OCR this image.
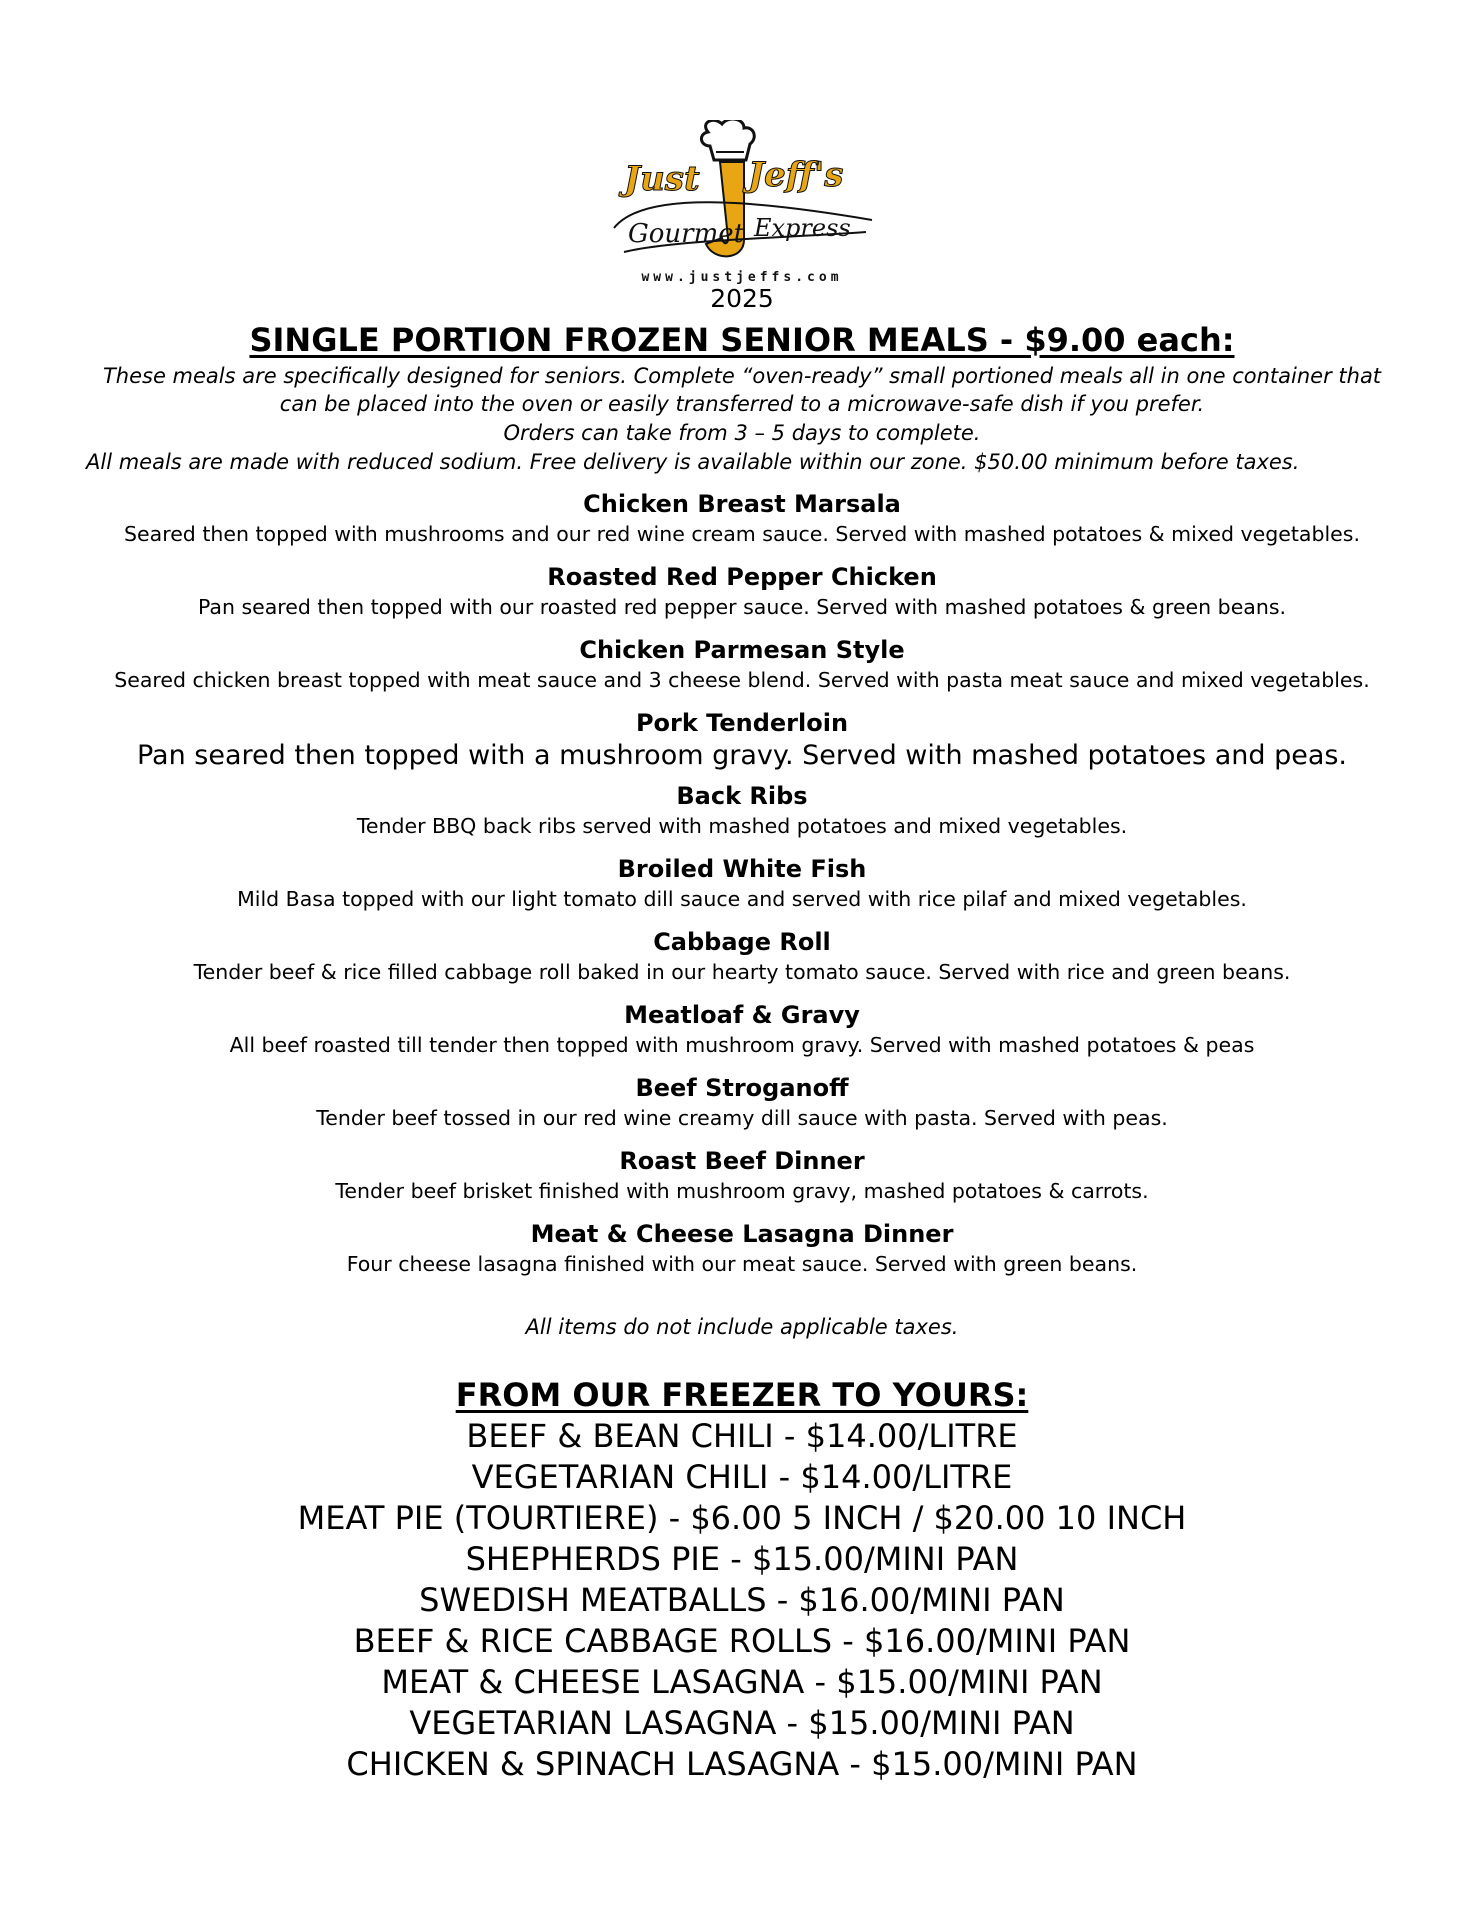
Just Jeff's
Gourmet Express
www.justjeffs.com
2025
SINGLE PORTION FROZEN SENIOR MEALS - $9.00 each:
These meals are specifically designed for seniors. Complete “oven-ready” small portioned meals all in one container that
can be placed into the oven or easily transferred to a microwave-safe dish if you prefer.
Orders can take from 3 – 5 days to complete.
All meals are made with reduced sodium. Free delivery is available within our zone. $50.00 minimum before taxes.
Chicken Breast Marsala
Seared then topped with mushrooms and our red wine cream sauce. Served with mashed potatoes & mixed vegetables.
Roasted Red Pepper Chicken
Pan seared then topped with our roasted red pepper sauce. Served with mashed potatoes & green beans.
Chicken Parmesan Style
Seared chicken breast topped with meat sauce and 3 cheese blend. Served with pasta meat sauce and mixed vegetables.
Pork Tenderloin
Pan seared then topped with a mushroom gravy. Served with mashed potatoes and peas.
Back Ribs
Tender BBQ back ribs served with mashed potatoes and mixed vegetables.
Broiled White Fish
Mild Basa topped with our light tomato dill sauce and served with rice pilaf and mixed vegetables.
Cabbage Roll
Tender beef & rice filled cabbage roll baked in our hearty tomato sauce. Served with rice and green beans.
Meatloaf & Gravy
All beef roasted till tender then topped with mushroom gravy. Served with mashed potatoes & peas
Beef Stroganoff
Tender beef tossed in our red wine creamy dill sauce with pasta. Served with peas.
Roast Beef Dinner
Tender beef brisket finished with mushroom gravy, mashed potatoes & carrots.
Meat & Cheese Lasagna Dinner
Four cheese lasagna finished with our meat sauce. Served with green beans.
All items do not include applicable taxes.
FROM OUR FREEZER TO YOURS:
BEEF & BEAN CHILI - $14.00/LITRE
VEGETARIAN CHILI - $14.00/LITRE
MEAT PIE (TOURTIERE) - $6.00 5 INCH / $20.00 10 INCH
SHEPHERDS PIE - $15.00/MINI PAN
SWEDISH MEATBALLS - $16.00/MINI PAN
BEEF & RICE CABBAGE ROLLS - $16.00/MINI PAN
MEAT & CHEESE LASAGNA - $15.00/MINI PAN
VEGETARIAN LASAGNA - $15.00/MINI PAN
CHICKEN & SPINACH LASAGNA - $15.00/MINI PAN
